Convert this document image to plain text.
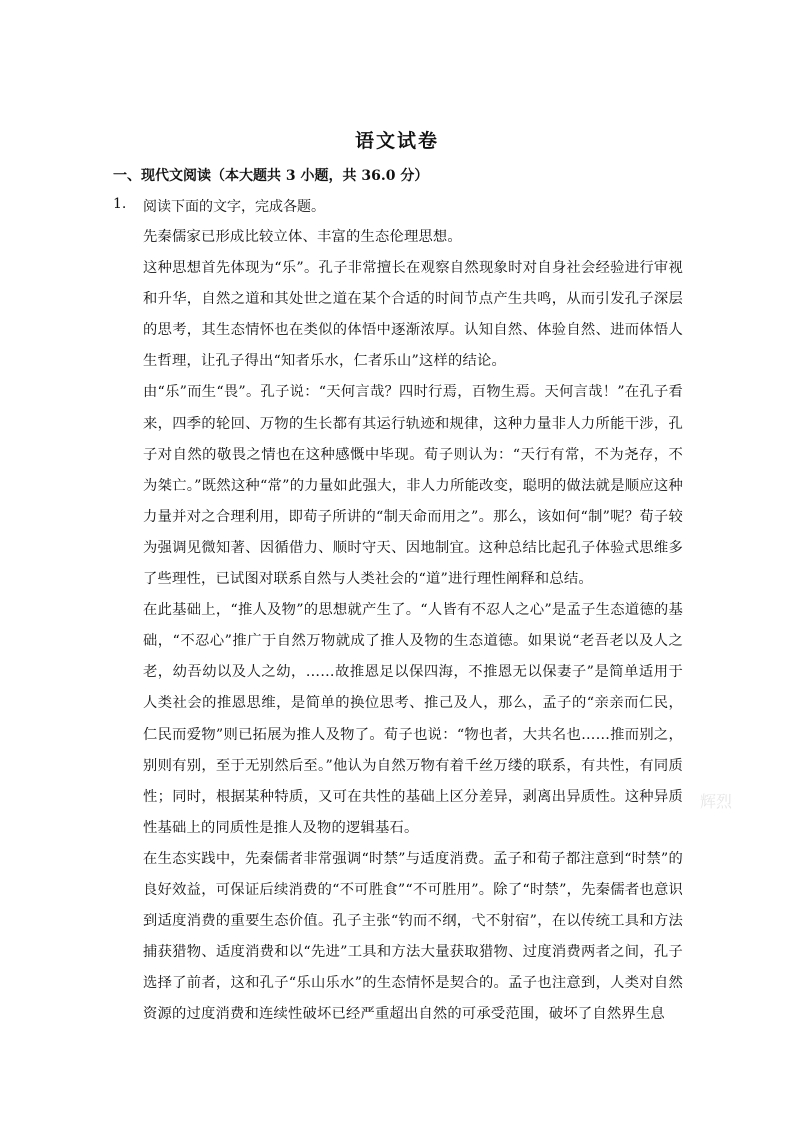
语文试卷
一、现代文阅读（本大题共 3 小题，共 36.0 分）
1. 阅读下面的文字，完成各题。

先秦儒家已形成比较立体、丰富的生态伦理思想。

这种思想首先体现为“乐”。孔子非常擅长在观察自然现象时对自身社会经验进行审视和升华，自然之道和其处世之道在某个合适的时间节点产生共鸣，从而引发孔子深层的思考，其生态情怀也在类似的体悟中逐渐浓厚。认知自然、体验自然、进而体悟人生哲理，让孔子得出“知者乐水，仁者乐山”这样的结论。

由“乐”而生“畏”。孔子说：“天何言哉？四时行焉，百物生焉。天何言哉！”在孔子看来，四季的轮回、万物的生长都有其运行轨迹和规律，这种力量非人力所能干涉，孔子对自然的敬畏之情也在这种感慨中毕现。荀子则认为：“天行有常，不为尧存，不为桀亡。”既然这种“常”的力量如此强大，非人力所能改变，聪明的做法就是顺应这种力量并对之合理利用，即荀子所讲的“制天命而用之”。那么，该如何“制”呢？荀子较为强调见微知著、因循借力、顺时守天、因地制宜。这种总结比起孔子体验式思维多了些理性，已试图对联系自然与人类社会的“道”进行理性阐释和总结。

在此基础上，“推人及物”的思想就产生了。“人皆有不忍人之心”是孟子生态道德的基础，“不忍心”推广于自然万物就成了推人及物的生态道德。如果说“老吾老以及人之老，幼吾幼以及人之幼，……故推恩足以保四海，不推恩无以保妻子”是简单适用于人类社会的推恩思维，是简单的换位思考、推己及人，那么，孟子的“亲亲而仁民，仁民而爱物”则已拓展为推人及物了。荀子也说：“物也者，大共名也……推而别之，别则有别，至于无别然后至。”他认为自然万物有着千丝万缕的联系，有共性，有同质性；同时，根据某种特质，又可在共性的基础上区分差异，剥离出异质性。这种异质性基础上的同质性是推人及物的逻辑基石。

在生态实践中，先秦儒者非常强调“时禁”与适度消费。孟子和荀子都注意到“时禁”的良好效益，可保证后续消费的“不可胜食”“不可胜用”。除了“时禁”，先秦儒者也意识到适度消费的重要生态价值。孔子主张“钓而不纲，弋不射宿”，在以传统工具和方法捕获猎物、适度消费和以“先进”工具和方法大量获取猎物、过度消费两者之间，孔子选择了前者，这和孔子“乐山乐水”的生态情怀是契合的。孟子也注意到，人类对自然资源的过度消费和连续性破坏已经严重超出自然的可承受范围，破坏了自然界生息

辉烈
